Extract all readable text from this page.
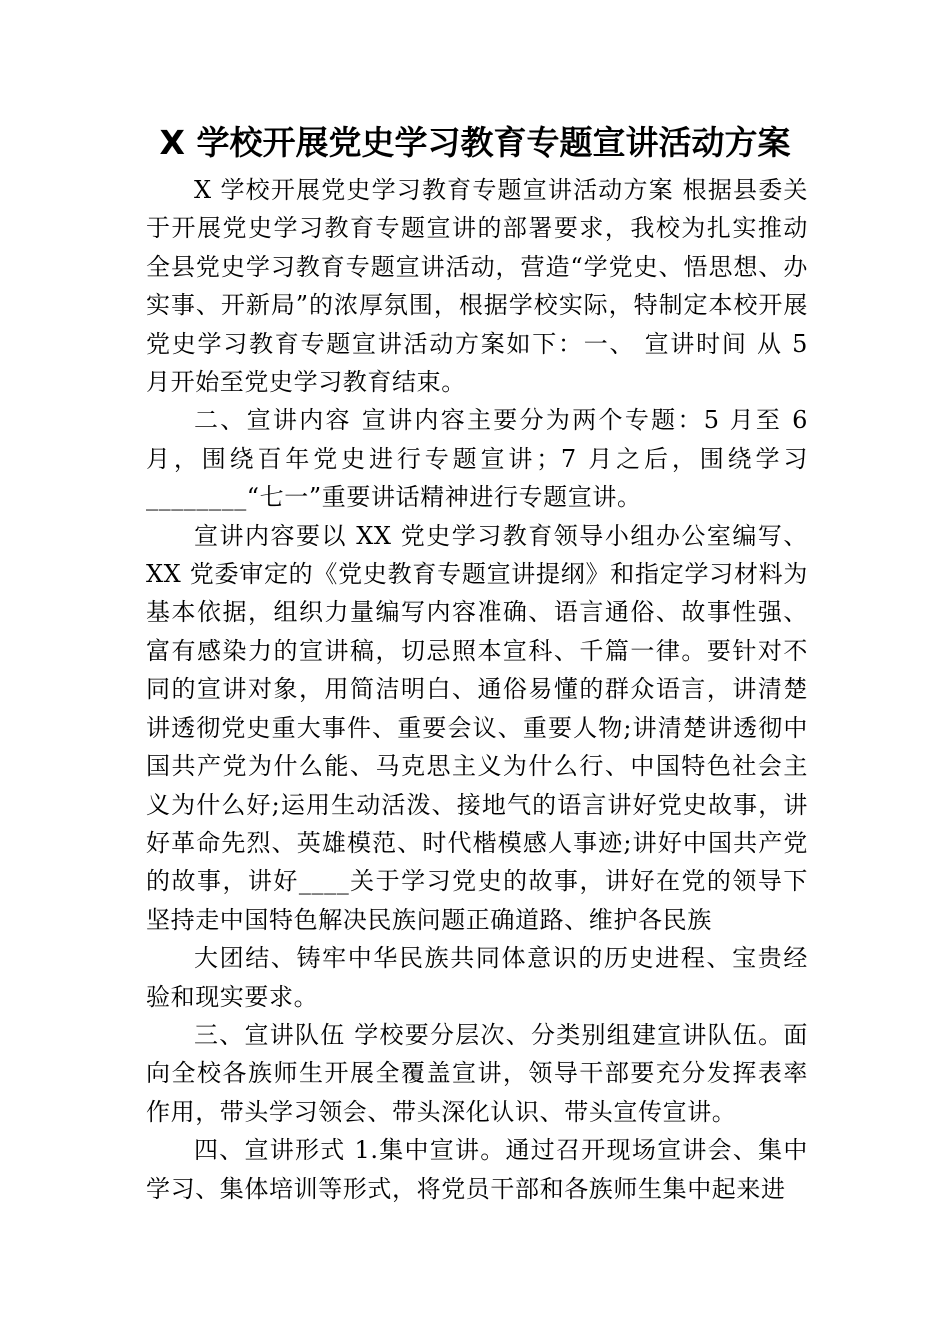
X 学校开展党史学习教育专题宣讲活动方案

X 学校开展党史学习教育专题宣讲活动方案 根据县委关于开展党史学习教育专题宣讲的部署要求，我校为扎实推动全县党史学习教育专题宣讲活动，营造“学党史、悟思想、办实事、开新局”的浓厚氛围，根据学校实际，特制定本校开展党史学习教育专题宣讲活动方案如下：一、 宣讲时间 从 5 月开始至党史学习教育结束。

二、宣讲内容 宣讲内容主要分为两个专题：5 月至 6 月，围绕百年党史进行专题宣讲；7 月之后，围绕学习________“七一”重要讲话精神进行专题宣讲。

宣讲内容要以 XX 党史学习教育领导小组办公室编写、XX 党委审定的《党史教育专题宣讲提纲》和指定学习材料为基本依据，组织力量编写内容准确、语言通俗、故事性强、富有感染力的宣讲稿，切忌照本宣科、千篇一律。要针对不同的宣讲对象，用简洁明白、通俗易懂的群众语言，讲清楚讲透彻党史重大事件、重要会议、重要人物;讲清楚讲透彻中国共产党为什么能、马克思主义为什么行、中国特色社会主义为什么好;运用生动活泼、接地气的语言讲好党史故事，讲好革命先烈、英雄模范、时代楷模感人事迹;讲好中国共产党的故事，讲好____关于学习党史的故事，讲好在党的领导下坚持走中国特色解决民族问题正确道路、维护各民族

大团结、铸牢中华民族共同体意识的历史进程、宝贵经验和现实要求。

三、宣讲队伍 学校要分层次、分类别组建宣讲队伍。面向全校各族师生开展全覆盖宣讲，领导干部要充分发挥表率作用，带头学习领会、带头深化认识、带头宣传宣讲。

四、宣讲形式 1.集中宣讲。通过召开现场宣讲会、集中学习、集体培训等形式，将党员干部和各族师生集中起来进
